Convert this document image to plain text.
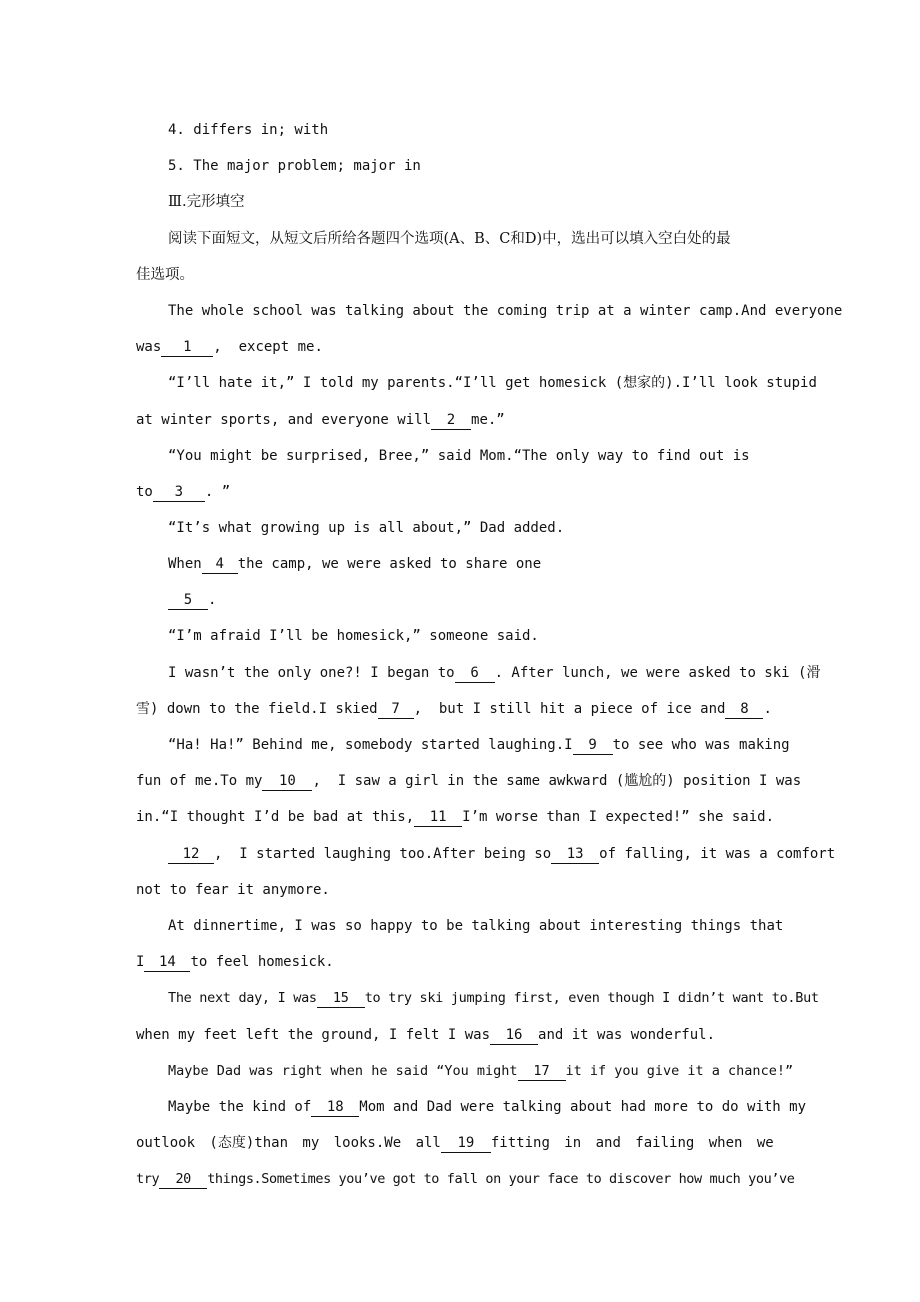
4. differs in; with
5. The major problem; major in
Ⅲ.完形填空
阅读下面短文，从短文后所给各题四个选项(A、B、C和D)中，选出可以填入空白处的最
佳选项。
The whole school was talking about the coming trip at a winter camp.And everyone
was 1 ,  except me.
“I’ll hate it,” I told my parents.“I’ll get homesick (想家的).I’ll look stupid
at winter sports, and everyone will 2 me.”
“You might be surprised, Bree,” said Mom.“The only way to find out is
to 3 . ”
“It’s what growing up is all about,” Dad added.
When 4 the camp, we were asked to share one
5 .
“I’m afraid I’ll be homesick,” someone said.
I wasn’t the only one?! I began to 6 . After lunch, we were asked to ski (滑
雪) down to the field.I skied 7 ,  but I still hit a piece of ice and 8 .
“Ha! Ha!” Behind me, somebody started laughing.I 9 to see who was making
fun of me.To my 10 ,  I saw a girl in the same awkward (尴尬的) position I was
in.“I thought I’d be bad at this, 11 I’m worse than I expected!” she said.
12 ,  I started laughing too.After being so 13 of falling, it was a comfort
not to fear it anymore.
At dinnertime, I was so happy to be talking about interesting things that
I 14 to feel homesick.
The next day, I was 15 to try ski jumping first, even though I didn’t want to.But
when my feet left the ground, I felt I was 16 and it was wonderful.
Maybe Dad was right when he said “You might 17 it if you give it a chance!”
Maybe the kind of 18 Mom and Dad were talking about had more to do with my
outlook (态度)than my looks.We all 19 fitting in and failing when we
try 20 things.Sometimes you’ve got to fall on your face to discover how much you’ve
